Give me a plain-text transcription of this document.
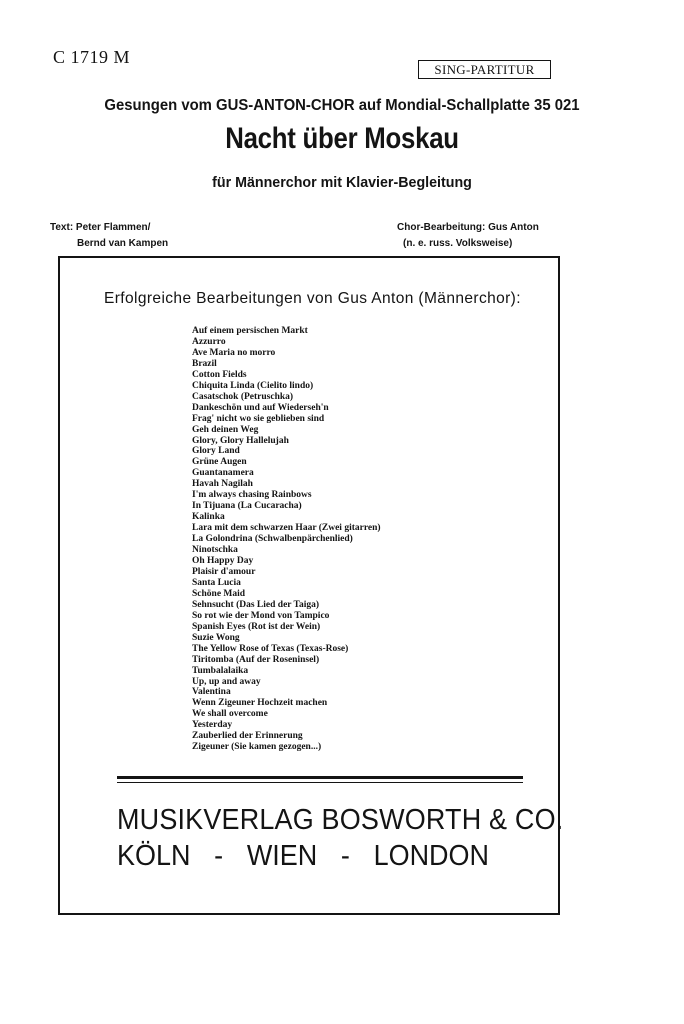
C 1719 M
SING-PARTITUR
Gesungen vom GUS-ANTON-CHOR auf Mondial-Schallplatte 35 021
Nacht über Moskau
für Männerchor mit Klavier-Begleitung
Text: Peter Flammen/
Bernd van Kampen
Chor-Bearbeitung: Gus Anton
(n. e. russ. Volksweise)
Erfolgreiche Bearbeitungen von Gus Anton (Männerchor):
Auf einem persischen Markt
Azzurro
Ave Maria no morro
Brazil
Cotton Fields
Chiquita Linda (Cielito lindo)
Casatschok (Petruschka)
Dankeschön und auf Wiederseh'n
Frag' nicht wo sie geblieben sind
Geh deinen Weg
Glory, Glory Hallelujah
Glory Land
Grüne Augen
Guantanamera
Havah Nagilah
I'm always chasing Rainbows
In Tijuana (La Cucaracha)
Kalinka
Lara mit dem schwarzen Haar (Zwei gitarren)
La Golondrina (Schwalbenpärchenlied)
Ninotschka
Oh Happy Day
Plaisir d'amour
Santa Lucia
Schöne Maid
Sehnsucht (Das Lied der Taiga)
So rot wie der Mond von Tampico
Spanish Eyes (Rot ist der Wein)
Suzie Wong
The Yellow Rose of Texas (Texas-Rose)
Tiritomba (Auf der Roseninsel)
Tumbalalaika
Up, up and away
Valentina
Wenn Zigeuner Hochzeit machen
We shall overcome
Yesterday
Zauberlied der Erinnerung
Zigeuner (Sie kamen gezogen...)
MUSIKVERLAG BOSWORTH & CO.
KÖLN - WIEN - LONDON
